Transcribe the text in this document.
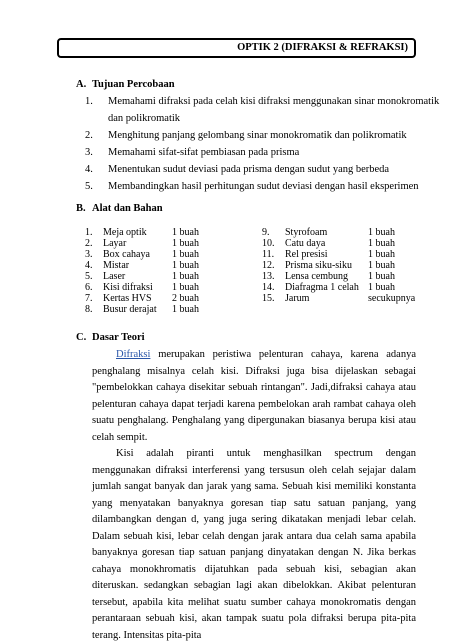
OPTIK 2 (DIFRAKSI & REFRAKSI)
A. Tujuan Percobaan
1. Memahami difraksi pada celah kisi difraksi menggunakan sinar monokromatik
dan polikromatik
2. Menghitung panjang gelombang sinar monokromatik dan polikromatik
3. Memahami sifat-sifat pembiasan pada prisma
4. Menentukan sudut deviasi pada prisma dengan sudut yang berbeda
5. Membandingkan hasil perhitungan sudut deviasi dengan hasil eksperimen
B. Alat dan Bahan
1. Meja optik	1 buah
2. Layar	1 buah
3. Box cahaya 1 buah
4. Mistar	1 buah
5. Laser	1 buah
6. Kisi difraksi 1 buah
7. Kertas HVS 2 buah
8. Busur derajat 1 buah
9. Styrofoam	1 buah
10. Catu daya	1 buah
11. Rel presisi	1 buah
12. Prisma siku-siku 1 buah
13. Lensa cembung 1 buah
14. Diafragma 1 celah 1 buah
15. Jarum	secukupnya
C. Dasar Teori

Difraksi merupakan peristiwa pelenturan cahaya, karena adanya penghalang misalnya celah kisi. Difraksi juga bisa dijelaskan sebagai "pembelokkan cahaya disekitar sebuah rintangan". Jadi,difraksi cahaya atau pelenturan cahaya dapat terjadi karena pembelokan arah rambat cahaya oleh suatu penghalang. Penghalang yang dipergunakan biasanya berupa kisi atau celah sempit.

Kisi adalah piranti untuk menghasilkan spectrum dengan menggunakan difraksi interferensi yang tersusun oleh celah sejajar dalam jumlah sangat banyak dan jarak yang sama. Sebuah kisi memiliki konstanta yang menyatakan banyaknya goresan tiap satu satuan panjang, yang dilambangkan dengan d, yang juga sering dikatakan menjadi lebar celah. Dalam sebuah kisi, lebar celah dengan jarak antara dua celah sama apabila banyaknya goresan tiap satuan panjang dinyatakan dengan N. Jika berkas cahaya monokhromatis dijatuhkan pada sebuah kisi, sebagian akan diteruskan. sedangkan sebagian lagi akan dibelokkan. Akibat pelenturan tersebut, apabila kita melihat suatu sumber cahaya monokromatis dengan perantaraan sebuah kisi, akan tampak suatu pola difraksi berupa pita-pita terang. Intensitas pita-pita
